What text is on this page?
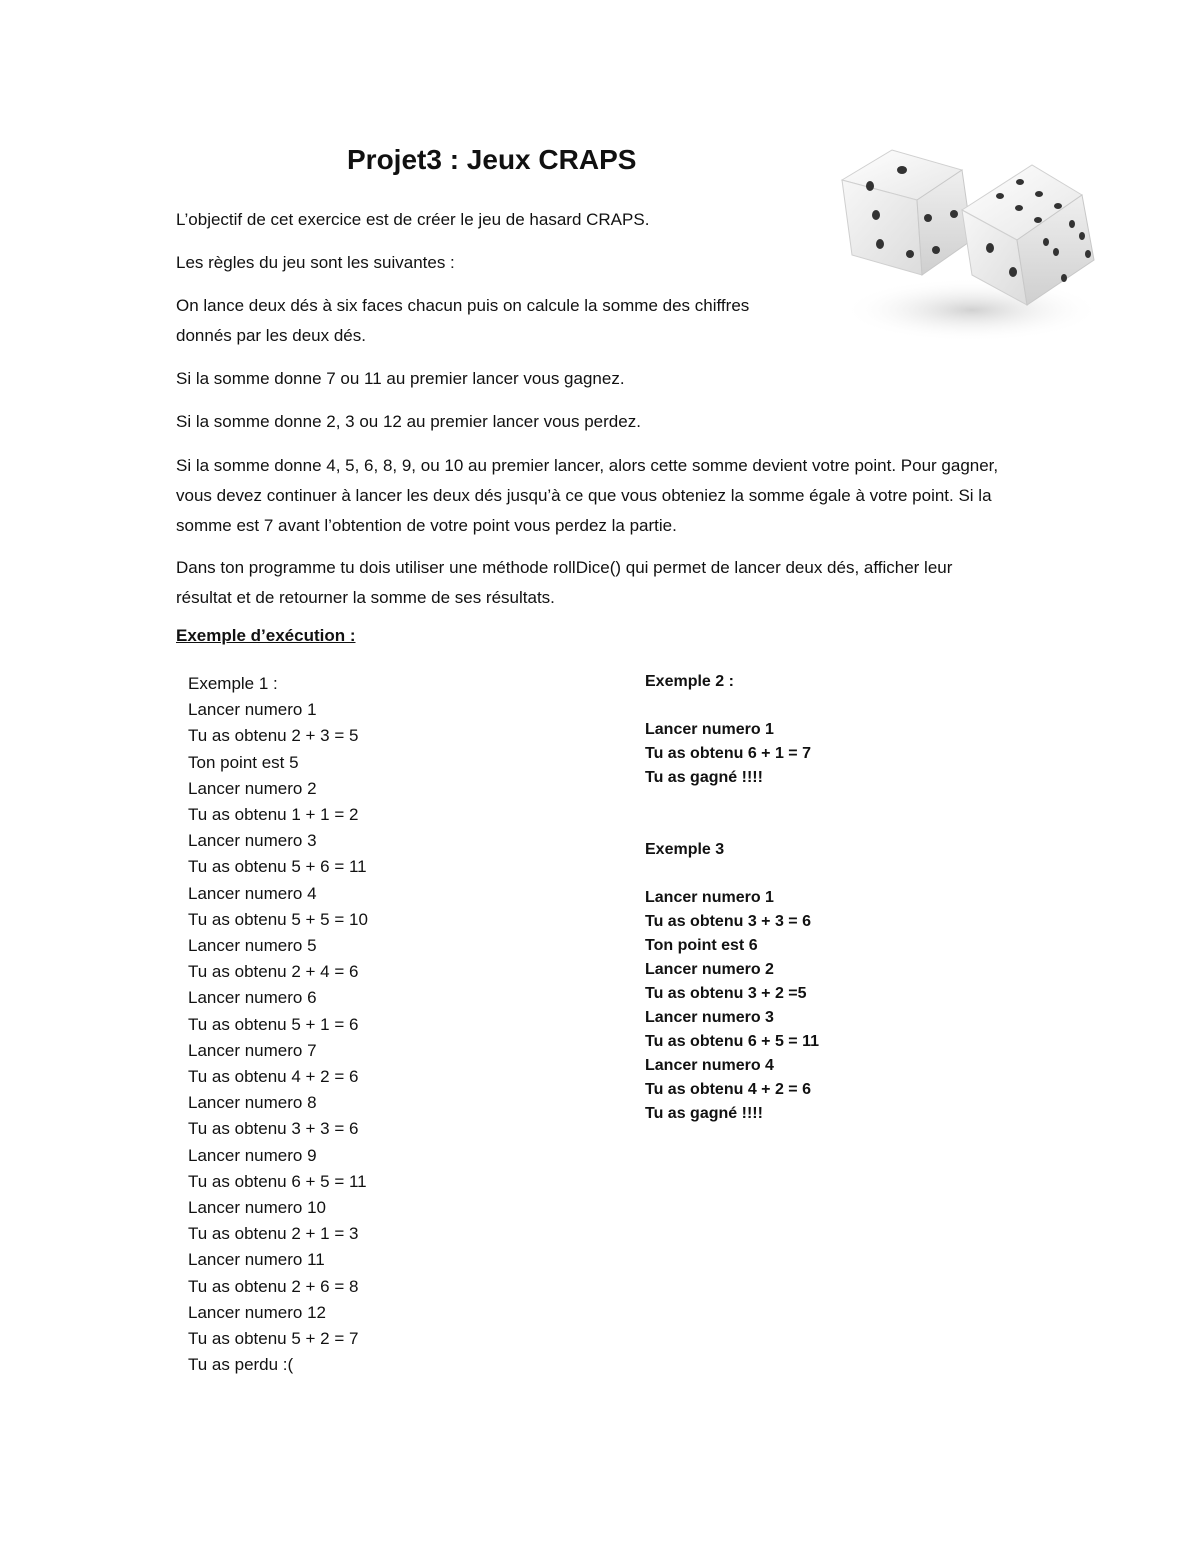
Projet3 : Jeux CRAPS

L’objectif de cet exercice est de créer le jeu de hasard CRAPS.

Les règles du jeu sont les suivantes :

On lance deux dés à six faces chacun puis on calcule la somme des chiffres donnés par les deux dés.

Si la somme donne 7 ou 11 au premier lancer vous gagnez.

Si la somme donne 2, 3 ou 12 au premier lancer vous perdez.

Si la somme donne 4, 5, 6, 8, 9, ou 10 au premier lancer, alors cette somme devient votre point. Pour gagner, vous devez continuer à lancer les deux dés jusqu’à ce que vous obteniez la somme égale à votre point. Si la somme est 7 avant l’obtention de votre point vous perdez la partie.

Dans ton programme tu dois utiliser une méthode rollDice() qui permet de lancer deux dés, afficher leur résultat et de retourner la somme de ses résultats.

Exemple d’exécution :

Exemple 1 :
Lancer numero 1
Tu as obtenu 2 + 3 = 5
Ton point est 5
Lancer numero 2
Tu as obtenu 1 + 1 = 2
Lancer numero 3
Tu as obtenu 5 + 6 = 11
Lancer numero 4
Tu as obtenu 5 + 5 = 10
Lancer numero 5
Tu as obtenu 2 + 4 = 6
Lancer numero 6
Tu as obtenu 5 + 1 = 6
Lancer numero 7
Tu as obtenu 4 + 2 = 6
Lancer numero 8
Tu as obtenu 3 + 3 = 6
Lancer numero 9
Tu as obtenu 6 + 5 = 11
Lancer numero 10
Tu as obtenu 2 + 1 = 3
Lancer numero 11
Tu as obtenu 2 + 6 = 8
Lancer numero 12
Tu as obtenu 5 + 2 = 7
Tu as perdu :(
Exemple 2 :
Lancer numero 1
Tu as obtenu 6 + 1 = 7
Tu as gagné !!!!
Exemple 3
Lancer numero 1
Tu as obtenu 3 + 3 = 6
Ton point est 6
Lancer numero 2
Tu as obtenu 3 + 2 =5
Lancer numero 3
Tu as obtenu 6 + 5 = 11
Lancer numero 4
Tu as obtenu 4 + 2 = 6
Tu as gagné !!!!
